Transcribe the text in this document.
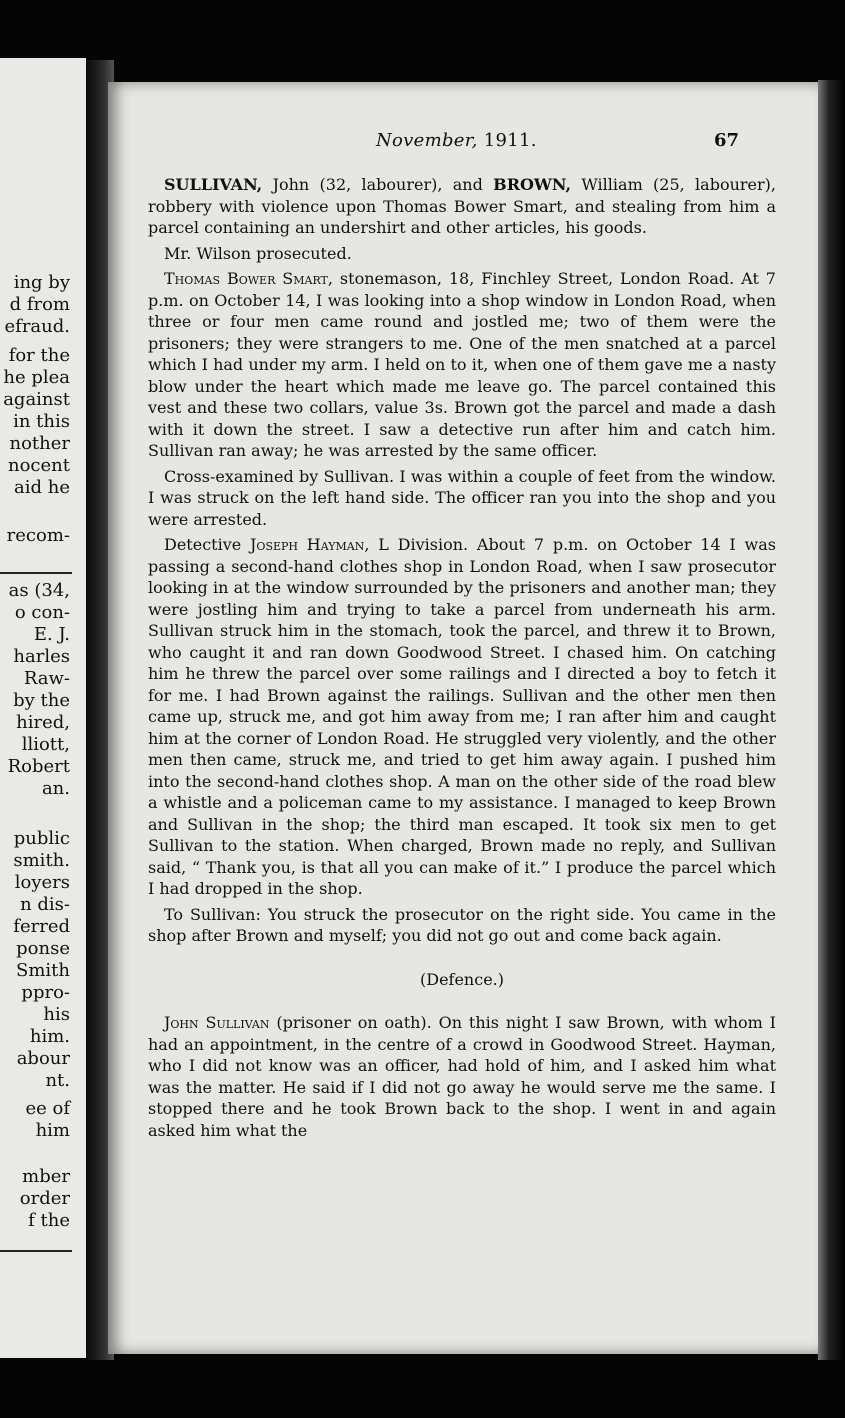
ing by
d from
efraud.
for the
he plea
against
in this
nother
nocent
aid he
recom-
as (34,
o con-
E. J.
harles
Raw-
by the
hired,
lliott,
Robert
an.
public
smith.
loyers
n dis-
ferred
ponse
Smith
ppro-
his
him.
abour
nt.
ee of
him
mber
order
f the
November, 1911.	67

SULLIVAN, John (32, labourer), and BROWN, William (25, labourer), robbery with violence upon Thomas Bower Smart, and stealing from him a parcel containing an undershirt and other articles, his goods.

Mr. Wilson prosecuted.

Thomas Bower Smart, stonemason, 18, Finchley Street, London Road. At 7 p.m. on October 14, I was looking into a shop window in London Road, when three or four men came round and jostled me; two of them were the prisoners; they were strangers to me. One of the men snatched at a parcel which I had under my arm. I held on to it, when one of them gave me a nasty blow under the heart which made me leave go. The parcel contained this vest and these two collars, value 3s. Brown got the parcel and made a dash with it down the street. I saw a detective run after him and catch him. Sullivan ran away; he was arrested by the same officer.

Cross-examined by Sullivan. I was within a couple of feet from the window. I was struck on the left hand side. The officer ran you into the shop and you were arrested.

Detective Joseph Hayman, L Division. About 7 p.m. on October 14 I was passing a second-hand clothes shop in London Road, when I saw prosecutor looking in at the window surrounded by the prisoners and another man; they were jostling him and trying to take a parcel from underneath his arm. Sullivan struck him in the stomach, took the parcel, and threw it to Brown, who caught it and ran down Goodwood Street. I chased him. On catching him he threw the parcel over some railings and I directed a boy to fetch it for me. I had Brown against the railings. Sullivan and the other men then came up, struck me, and got him away from me; I ran after him and caught him at the corner of London Road. He struggled very violently, and the other men then came, struck me, and tried to get him away again. I pushed him into the second-hand clothes shop. A man on the other side of the road blew a whistle and a policeman came to my assistance. I managed to keep Brown and Sullivan in the shop; the third man escaped. It took six men to get Sullivan to the station. When charged, Brown made no reply, and Sullivan said, “ Thank you, is that all you can make of it.” I produce the parcel which I had dropped in the shop.

To Sullivan: You struck the prosecutor on the right side. You came in the shop after Brown and myself; you did not go out and come back again.

(Defence.)

John Sullivan (prisoner on oath). On this night I saw Brown, with whom I had an appointment, in the centre of a crowd in Goodwood Street. Hayman, who I did not know was an officer, had hold of him, and I asked him what was the matter. He said if I did not go away he would serve me the same. I stopped there and he took Brown back to the shop. I went in and again asked him what the
